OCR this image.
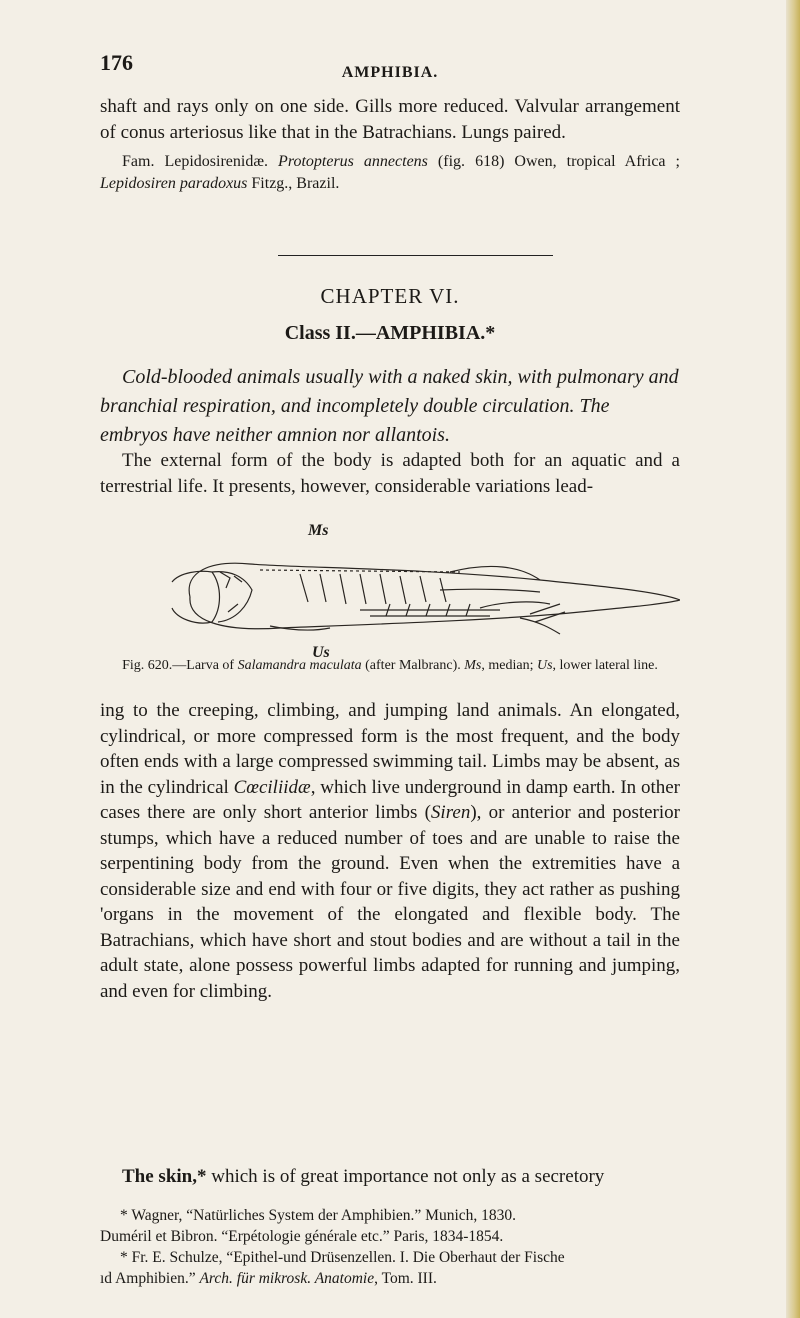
176	AMPHIBIA.

shaft and rays only on one side. Gills more reduced. Valvular arrangement of conus arteriosus like that in the Batrachians. Lungs paired.

Fam. Lepidosirenidæ. Protopterus annectens (fig. 618) Owen, tropical Africa ; Lepidosiren paradoxus Fitzg., Brazil.

CHAPTER VI.
Class II.—AMPHIBIA.*

Cold-blooded animals usually with a naked skin, with pulmonary and branchial respiration, and incompletely double circulation. The embryos have neither amnion nor allantois.

The external form of the body is adapted both for an aquatic and a terrestrial life. It presents, however, considerable variations lead-
Ms
Us
Fig. 620.—Larva of Salamandra maculata (after Malbranc). Ms, median; Us, lower lateral line.
ing to the creeping, climbing, and jumping land animals. An elongated, cylindrical, or more compressed form is the most frequent, and the body often ends with a large compressed swimming tail. Limbs may be absent, as in the cylindrical Cœciliidæ, which live underground in damp earth. In other cases there are only short anterior limbs (Siren), or anterior and posterior stumps, which have a reduced number of toes and are unable to raise the serpentining body from the ground. Even when the extremities have a considerable size and end with four or five digits, they act rather as pushing 'organs in the movement of the elongated and flexible body. The Batrachians, which have short and stout bodies and are without a tail in the adult state, alone possess powerful limbs adapted for running and jumping, and even for climbing.
The skin,* which is of great importance not only as a secretory

* Wagner, “Natürliches System der Amphibien.” Munich, 1830.

Duméril et Bibron. “Erpétologie générale etc.” Paris, 1834-1854.

* Fr. E. Schulze, “Epithel-und Drüsenzellen. I. Die Oberhaut der Fische

ıd Amphibien.” Arch. für mikrosk. Anatomie, Tom. III.
